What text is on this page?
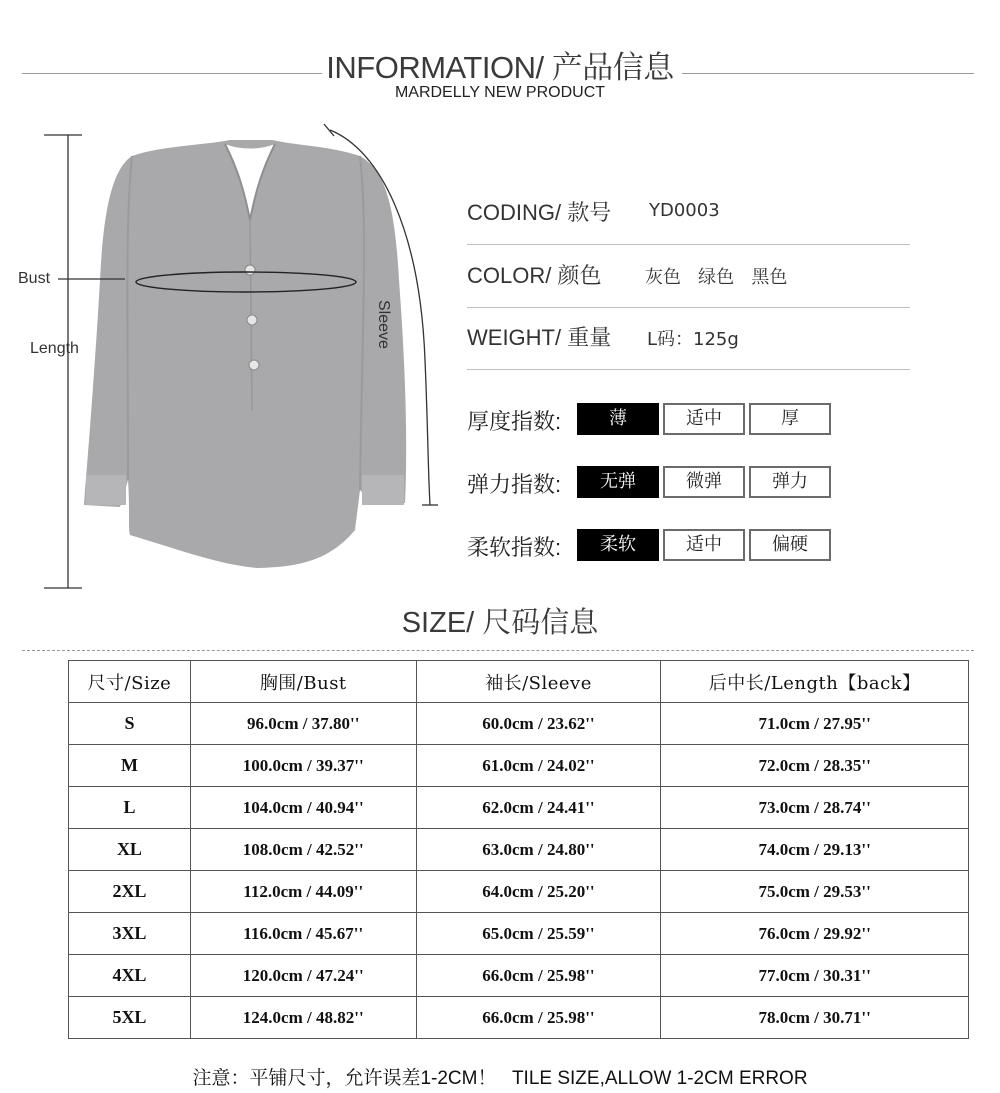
INFORMATION/ 产品信息
MARDELLY NEW PRODUCT
Bust
Length	Sleeve
CODING/ 款号 YD0003
COLOR/ 颜色 灰色   绿色   黑色
WEIGHT/ 重量 L码：125g
厚度指数:	薄	适中	厚
弹力指数:	无弹	微弹	弹力
柔软指数:	柔软	适中	偏硬
SIZE/ 尺码信息
尺寸/Size	胸围/Bust	袖长/Sleeve	后中长/Length【back】
S	96.0cm / 37.80''	60.0cm / 23.62''	71.0cm / 27.95''
M	100.0cm / 39.37''	61.0cm / 24.02''	72.0cm / 28.35''
L	104.0cm / 40.94''	62.0cm / 24.41''	73.0cm / 28.74''
XL	108.0cm / 42.52''	63.0cm / 24.80''	74.0cm / 29.13''
2XL	112.0cm / 44.09''	64.0cm / 25.20''	75.0cm / 29.53''
3XL	116.0cm / 45.67''	65.0cm / 25.59''	76.0cm / 29.92''
4XL	120.0cm / 47.24''	66.0cm / 25.98''	77.0cm / 30.31''
5XL	124.0cm / 48.82''	66.0cm / 25.98''	78.0cm / 30.71''
注意：平铺尺寸，允许误差1-2CM！   TILE SIZE,ALLOW 1-2CM ERROR
